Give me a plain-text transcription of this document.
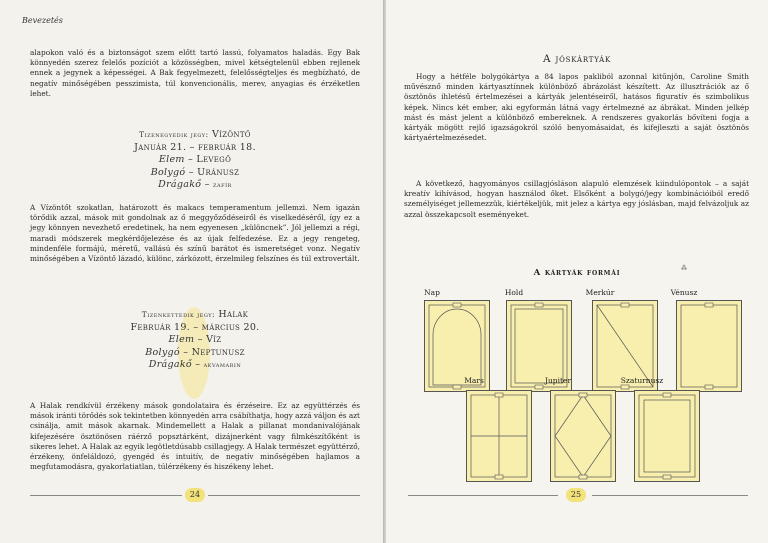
Bevezetés

alapokon való és a biztonságot szem előtt tartó lassú, folyamatos haladás. Egy Bak könnyedén szerez felelős pozíciót a közösségben, mivel kétségtelenül ebben rejlenek ennek a jegynek a képességei. A Bak fegyelmezett, felelősségteljes és megbízható, de negatív minőségében pesszimista, túl konvencionális, merev, anyagias és érzéketlen lehet.

Tizenegyedik jegy: Vízöntő
Január 21. – február 18.
Elem – Levegő
Bolygó – Uránusz
Drágakő – zafír

A Vízöntőt szokatlan, határozott és makacs temperamentum jellemzi. Nem igazán törődik azzal, mások mit gondolnak az ő meggyőződéseiről és viselkedéséről, így ez a jegy könnyen nevezhető eredetinek, ha nem egyenesen „különcnek”. Jól jellemzi a régi, maradi módszerek megkérdőjelezése és az újak felfedezése. Ez a jegy rengeteg, mindenféle formájú, méretű, vallású és színű barátot és ismeretséget vonz. Negatív minőségében a Vízöntő lázadó, különc, zárkózott, érzelmileg felszínes és túl extrovertált.

Tizenkettedik jegy: Halak
Február 19. – március 20.
Elem – Víz
Bolygó – Neptunusz
Drágakő – akvamarin

A Halak rendkívül érzékeny mások gondolataira és érzéseire. Ez az együttérzés és mások iránti törődés sok tekintetben könnyedén arra csábíthatja, hogy azzá váljon és azt csinálja, amit mások akarnak. Mindemellett a Halak a pillanat mondanivalójának kifejezésére ösztönösen ráérző popsztárként, dizájnerként vagy filmkészítőként is sikeres lehet. A Halak az egyik legötletdúsabb csillagjegy. A Halak természet együttérző, érzékeny, önfeláldozó, gyengéd és intuitív, de negatív minőségében hajlamos a megfutamodásra, gyakorlatiatlan, túlérzékeny és hiszékeny lehet.

24
A jóskártyák

Hogy a hétféle bolygókártya a 84 lapos pakliból azonnal kitűnjön, Caroline Smith művésznő minden kártyasztínnek különböző ábrázolást készített. Az illusztrációk az ő ösztönös ihletésű értelmezései a kártyák jelentéseiről, hatásos figuratív és szimbolikus képek. Nincs két ember, aki egyformán látná vagy értelmezné az ábrákat. Minden jelkép mást és mást jelent a különböző embereknek. A rendszeres gyakorlás bővíteni fogja a kártyák mögött rejlő igazságokról szóló benyomásaidat, és kifejleszti a saját ösztönös kártyaértelmezésedet.

A következő, hagyományos csillagjósláson alapuló elemzések kiindulópontok – a saját kreatív kihívásod, hogyan használod őket. Elsőként a bolygó/jegy kombinációiból eredő személyiséget jellemezzük, kiértékeljük, mit jelez a kártya egy jóslásban, majd felvázoljuk az azzal összekapcsolt eseményeket.

A kártyák formái	⁂
Nap	Hold	Merkúr	Vénusz
Mars	Jupiter	Szaturnusz
25
